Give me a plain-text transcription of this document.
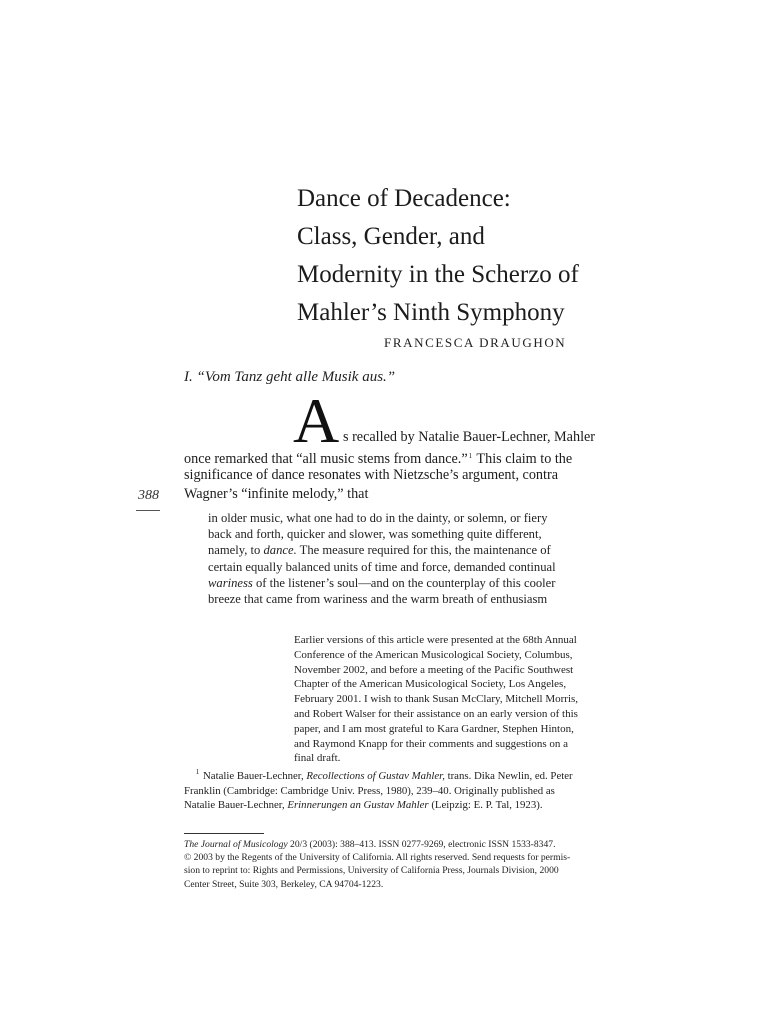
Dance of Decadence:
Class, Gender, and
Modernity in the Scherzo of
Mahler’s Ninth Symphony
FRANCESCA DRAUGHON
I. “Vom Tanz geht alle Musik aus.”
A s recalled by Natalie Bauer-Lechner, Mahler
once remarked that “all music stems from dance.”$^1$ This claim to the
significance of dance resonates with Nietzsche’s argument, contra
Wagner’s “infinite melody,” that
388
in older music, what one had to do in the dainty, or solemn, or fiery
back and forth, quicker and slower, was something quite different,
namely, to dance. The measure required for this, the maintenance of
certain equally balanced units of time and force, demanded continual
wariness of the listener’s soul—and on the counterplay of this cooler
breeze that came from wariness and the warm breath of enthusiasm
Earlier versions of this article were presented at the 68th Annual
Conference of the American Musicological Society, Columbus,
November 2002, and before a meeting of the Pacific Southwest
Chapter of the American Musicological Society, Los Angeles,
February 2001. I wish to thank Susan McClary, Mitchell Morris,
and Robert Walser for their assistance on an early version of this
paper, and I am most grateful to Kara Gardner, Stephen Hinton,
and Raymond Knapp for their comments and suggestions on a
final draft.
$^1$ Natalie Bauer-Lechner, Recollections of Gustav Mahler, trans. Dika Newlin, ed. Peter
Franklin (Cambridge: Cambridge Univ. Press, 1980), 239–40. Originally published as
Natalie Bauer-Lechner, Erinnerungen an Gustav Mahler (Leipzig: E. P. Tal, 1923).
The Journal of Musicology 20/3 (2003): 388–413. ISSN 0277-9269, electronic ISSN 1533-8347.
© 2003 by the Regents of the University of California. All rights reserved. Send requests for permis-
sion to reprint to: Rights and Permissions, University of California Press, Journals Division, 2000
Center Street, Suite 303, Berkeley, CA 94704-1223.
